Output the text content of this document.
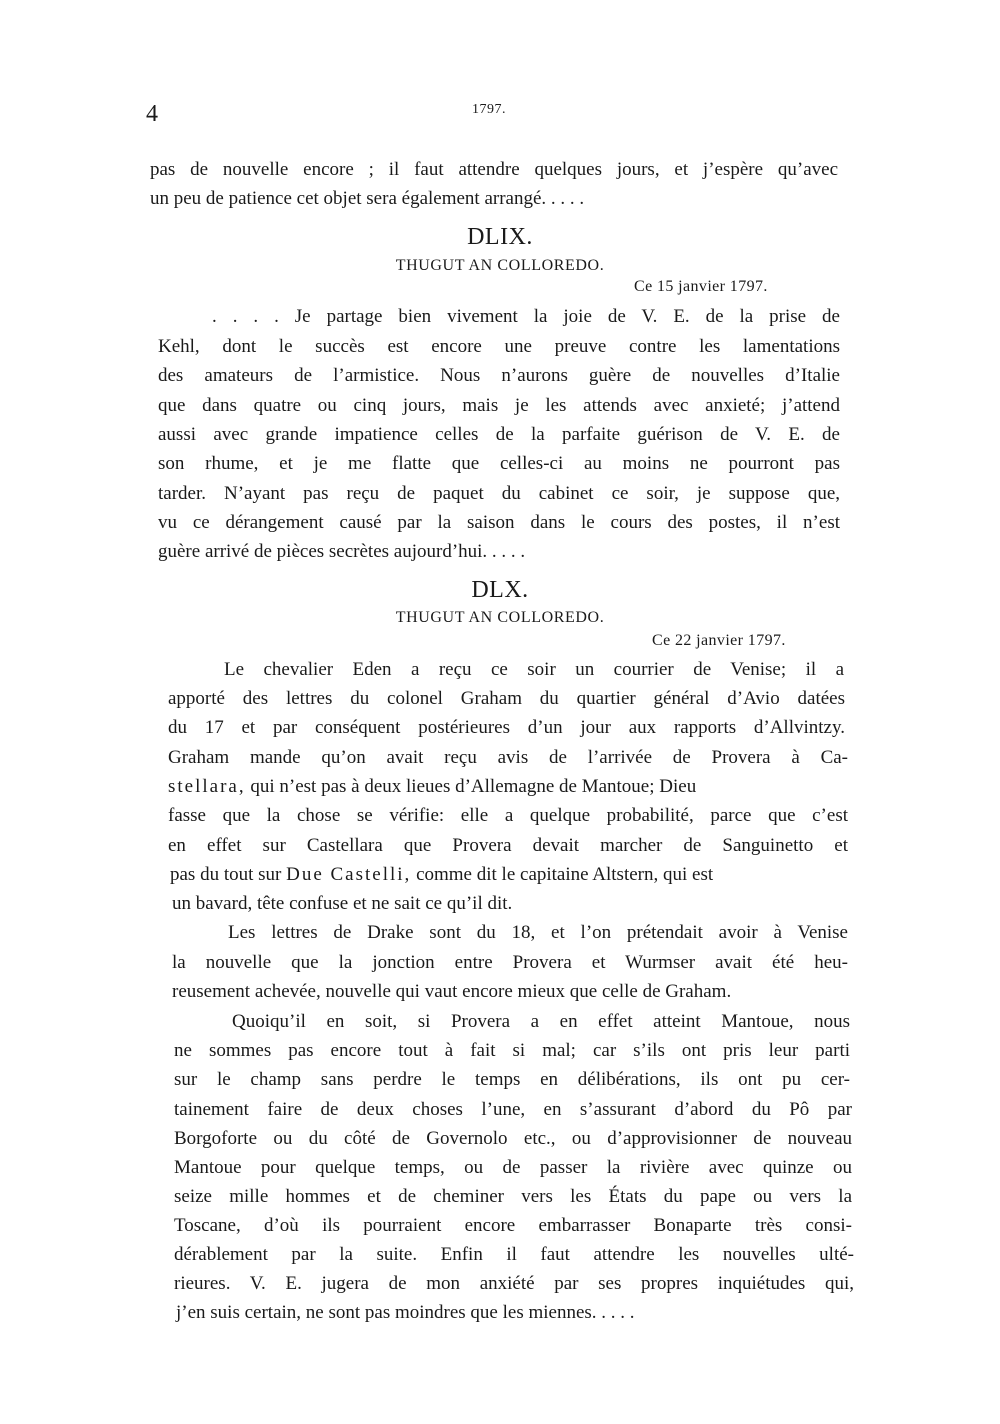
4	1797.
pas de nouvelle encore ; il faut attendre quelques jours, et j’espère qu’avec
un peu de patience cet objet sera également arrangé. . . . .
DLIX.
THUGUT AN COLLOREDO.
Ce 15 janvier 1797.
. . . . Je partage bien vivement la joie de V. E. de la prise de
Kehl, dont le succès est encore une preuve contre les lamentations
des amateurs de l’armistice. Nous n’aurons guère de nouvelles d’Italie
que dans quatre ou cinq jours, mais je les attends avec anxieté; j’attend
aussi avec grande impatience celles de la parfaite guérison de V. E. de
son rhume, et je me flatte que celles-ci au moins ne pourront pas
tarder. N’ayant pas reçu de paquet du cabinet ce soir, je suppose que,
vu ce dérangement causé par la saison dans le cours des postes, il n’est
guère arrivé de pièces secrètes aujourd’hui. . . . .
DLX.
THUGUT AN COLLOREDO.
Ce 22 janvier 1797.
Le chevalier Eden a reçu ce soir un courrier de Venise; il a
apporté des lettres du colonel Graham du quartier général d’Avio datées
du 17 et par conséquent postérieures d’un jour aux rapports d’Allvintzy.
Graham mande qu’on avait reçu avis de l’arrivée de Provera à Ca-
stellara, qui n’est pas à deux lieues d’Allemagne de Mantoue; Dieu
fasse que la chose se vérifie: elle a quelque probabilité, parce que c’est
en effet sur Castellara que Provera devait marcher de Sanguinetto et
pas du tout sur Due Castelli, comme dit le capitaine Altstern, qui est
un bavard, tête confuse et ne sait ce qu’il dit.
Les lettres de Drake sont du 18, et l’on prétendait avoir à Venise
la nouvelle que la jonction entre Provera et Wurmser avait été heu-
reusement achevée, nouvelle qui vaut encore mieux que celle de Graham.
Quoiqu’il en soit, si Provera a en effet atteint Mantoue, nous
ne sommes pas encore tout à fait si mal; car s’ils ont pris leur parti
sur le champ sans perdre le temps en délibérations, ils ont pu cer-
tainement faire de deux choses l’une, en s’assurant d’abord du Pô par
Borgoforte ou du côté de Governolo etc., ou d’approvisionner de nouveau
Mantoue pour quelque temps, ou de passer la rivière avec quinze ou
seize mille hommes et de cheminer vers les États du pape ou vers la
Toscane, d’où ils pourraient encore embarrasser Bonaparte très consi-
dérablement par la suite. Enfin il faut attendre les nouvelles ulté-
rieures. V. E. jugera de mon anxiété par ses propres inquiétudes qui,
j’en suis certain, ne sont pas moindres que les miennes. . . . .
